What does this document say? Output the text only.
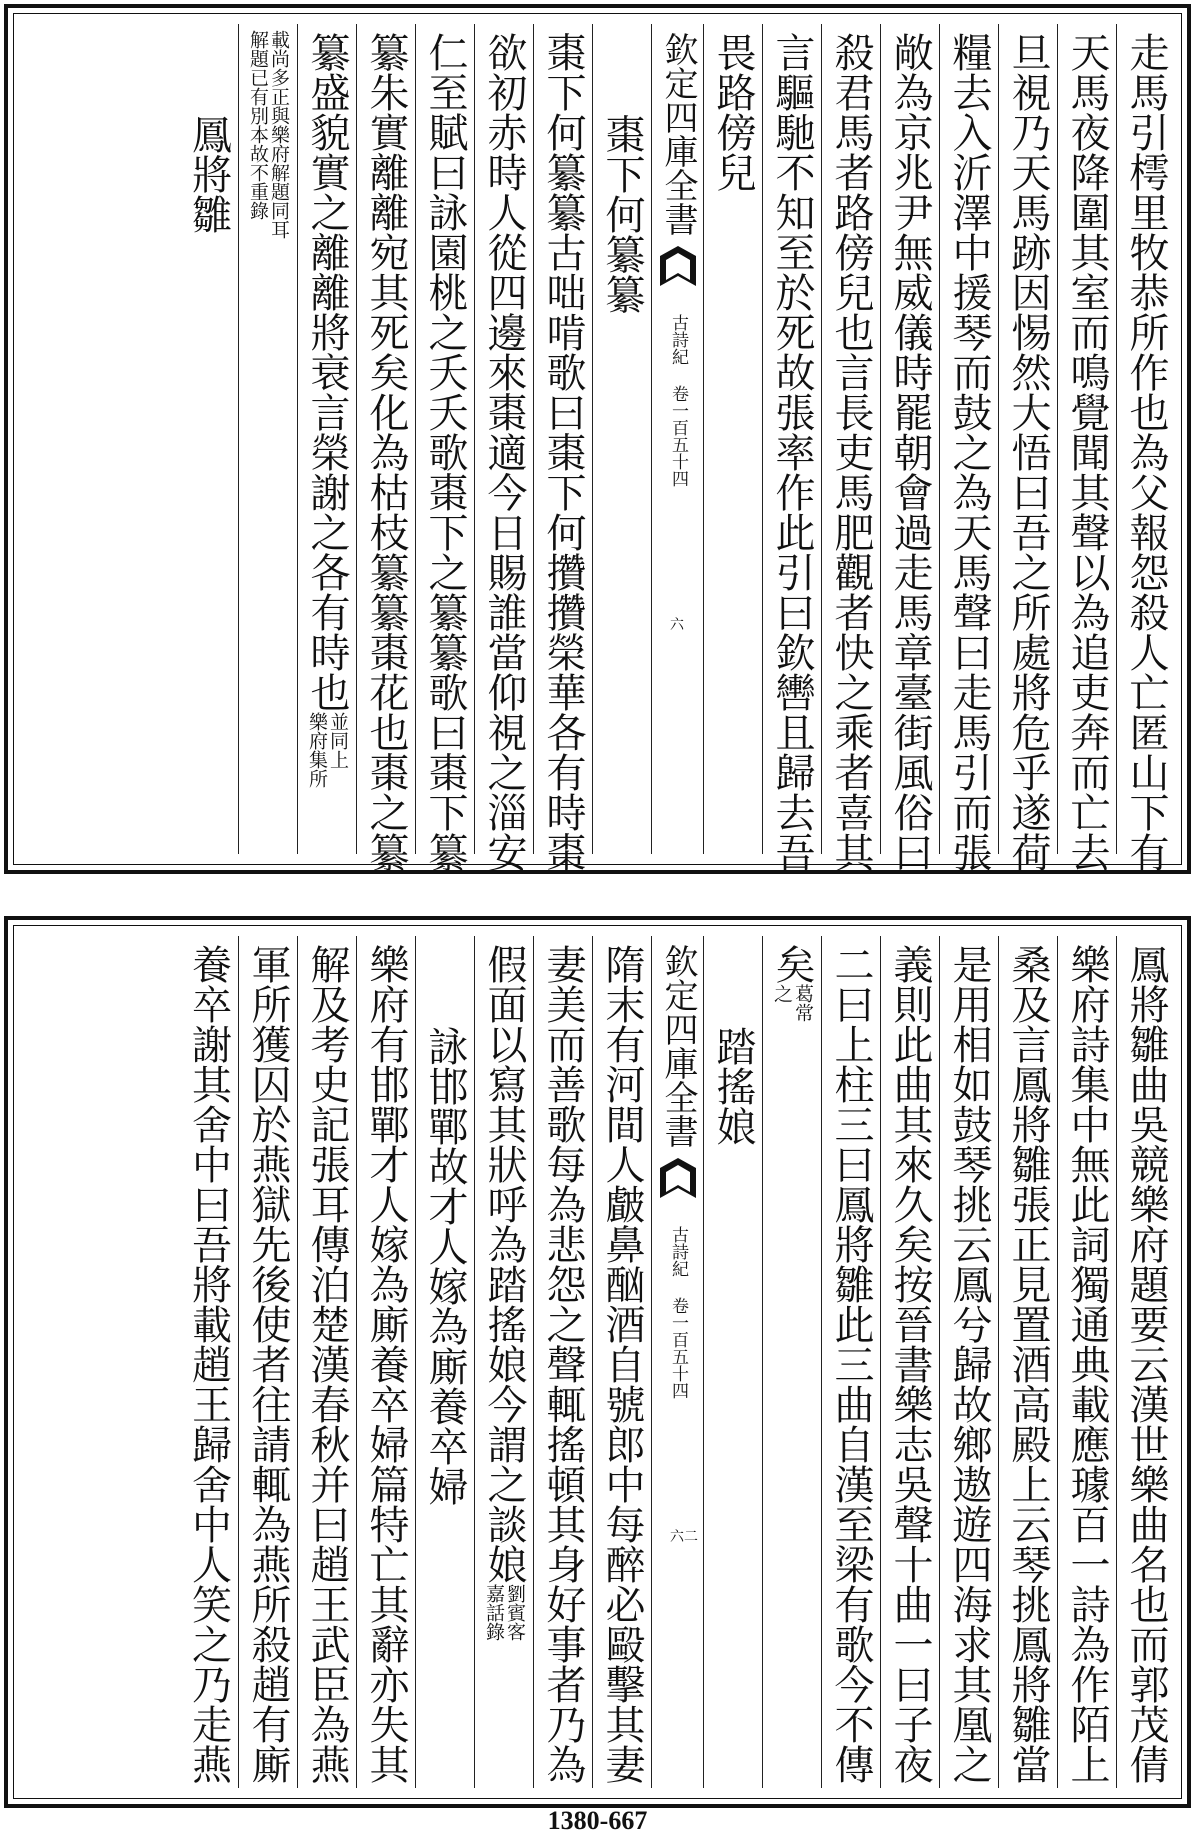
走馬引樗里牧恭所作也為父報怨殺人亡匿山下有
天馬夜降圍其室而鳴覺聞其聲以為追吏奔而亡去
旦視乃天馬跡因惕然大悟曰吾之所處將危乎遂荷
糧去入沂澤中援琴而鼓之為天馬聲曰走馬引而張
敞為京兆尹無威儀時罷朝會過走馬章臺街風俗曰
殺君馬者路傍兒也言長吏馬肥觀者快之乘者喜其
言驅馳不知至於死故張率作此引曰欽轡且歸去吾
畏路傍兒
欽定四庫全書
古詩紀 卷一百五十四
六
棗下何纂纂
棗下何纂纂古咄啃歌曰棗下何攢攢榮華各有時棗
欲初赤時人從四邊來棗適今日賜誰當仰視之淄安
仁至賦曰詠園桃之夭夭歌棗下之纂纂歌曰棗下纂
纂朱實離離宛其死矣化為枯枝纂纂棗花也棗之纂
纂盛貌實之離離將衰言榮謝之各有時也
並同上
樂府集所
載尚多正與樂府解題同耳
解題已有別本故不重錄
鳳將雛
鳳將雛曲吳競樂府題要云漢世樂曲名也而郭茂倩
樂府詩集中無此詞獨通典載應璩百一詩為作陌上
桑及言鳳將雛張正見置酒高殿上云琴挑鳳將雛當
是用相如鼓琴挑云鳳兮歸故鄉遨遊四海求其凰之
義則此曲其來久矣按晉書樂志吳聲十曲一曰子夜
二曰上柱三曰鳳將雛此三曲自漢至梁有歌今不傳
矣
葛常
之
踏搖娘
欽定四庫全書
古詩紀 卷一百五十四
六二
隋末有河間人皻鼻酗酒自號郎中每醉必毆擊其妻
妻美而善歌每為悲怨之聲輒搖頓其身好事者乃為
假面以寫其狀呼為踏搖娘今謂之談娘
劉賓客
嘉話錄
詠邯鄲故才人嫁為廝養卒婦
樂府有邯鄲才人嫁為廝養卒婦篇特亡其辭亦失其
解及考史記張耳傳泊楚漢春秋并曰趙王武臣為燕
軍所獲囚於燕獄先後使者往請輒為燕所殺趙有廝
養卒謝其舍中曰吾將載趙王歸舍中人笑之乃走燕
1380-667
